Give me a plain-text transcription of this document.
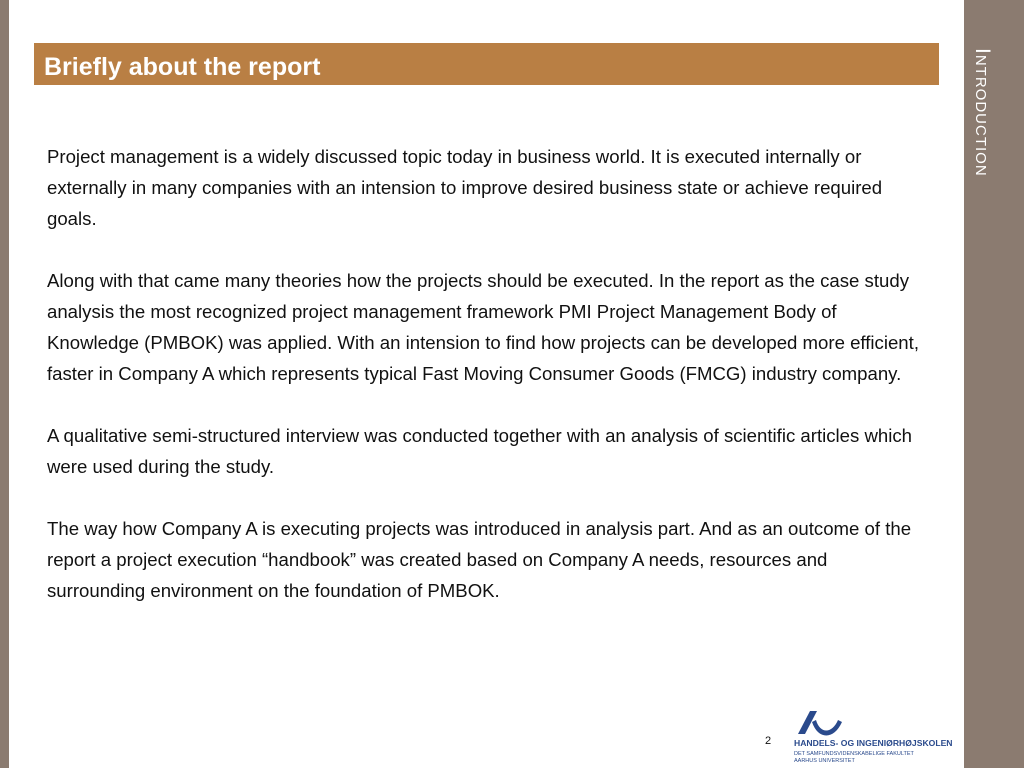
Introduction
Briefly about the report

Project management is a widely discussed topic today in business world. It is executed internally or externally in many companies with an intension to improve desired business state or achieve required goals.

Along with that came many theories how the projects should be executed. In the report as the case study analysis the most recognized project management framework PMI Project Management Body of Knowledge (PMBOK) was applied. With an intension to find how projects can be developed more efficient, faster in Company A which represents typical Fast Moving Consumer Goods (FMCG) industry company.

A qualitative semi-structured interview was conducted together with an analysis of scientific articles which were used during the study.

The way how Company A is executing projects was introduced in analysis part. And as an outcome of the report a project execution “handbook” was created based on Company A needs, resources and surrounding environment on the foundation of PMBOK.

2	HANDELS- OG INGENIØRHØJSKOLEN
DET SAMFUNDSVIDENSKABELIGE FAKULTET
AARHUS UNIVERSITET
